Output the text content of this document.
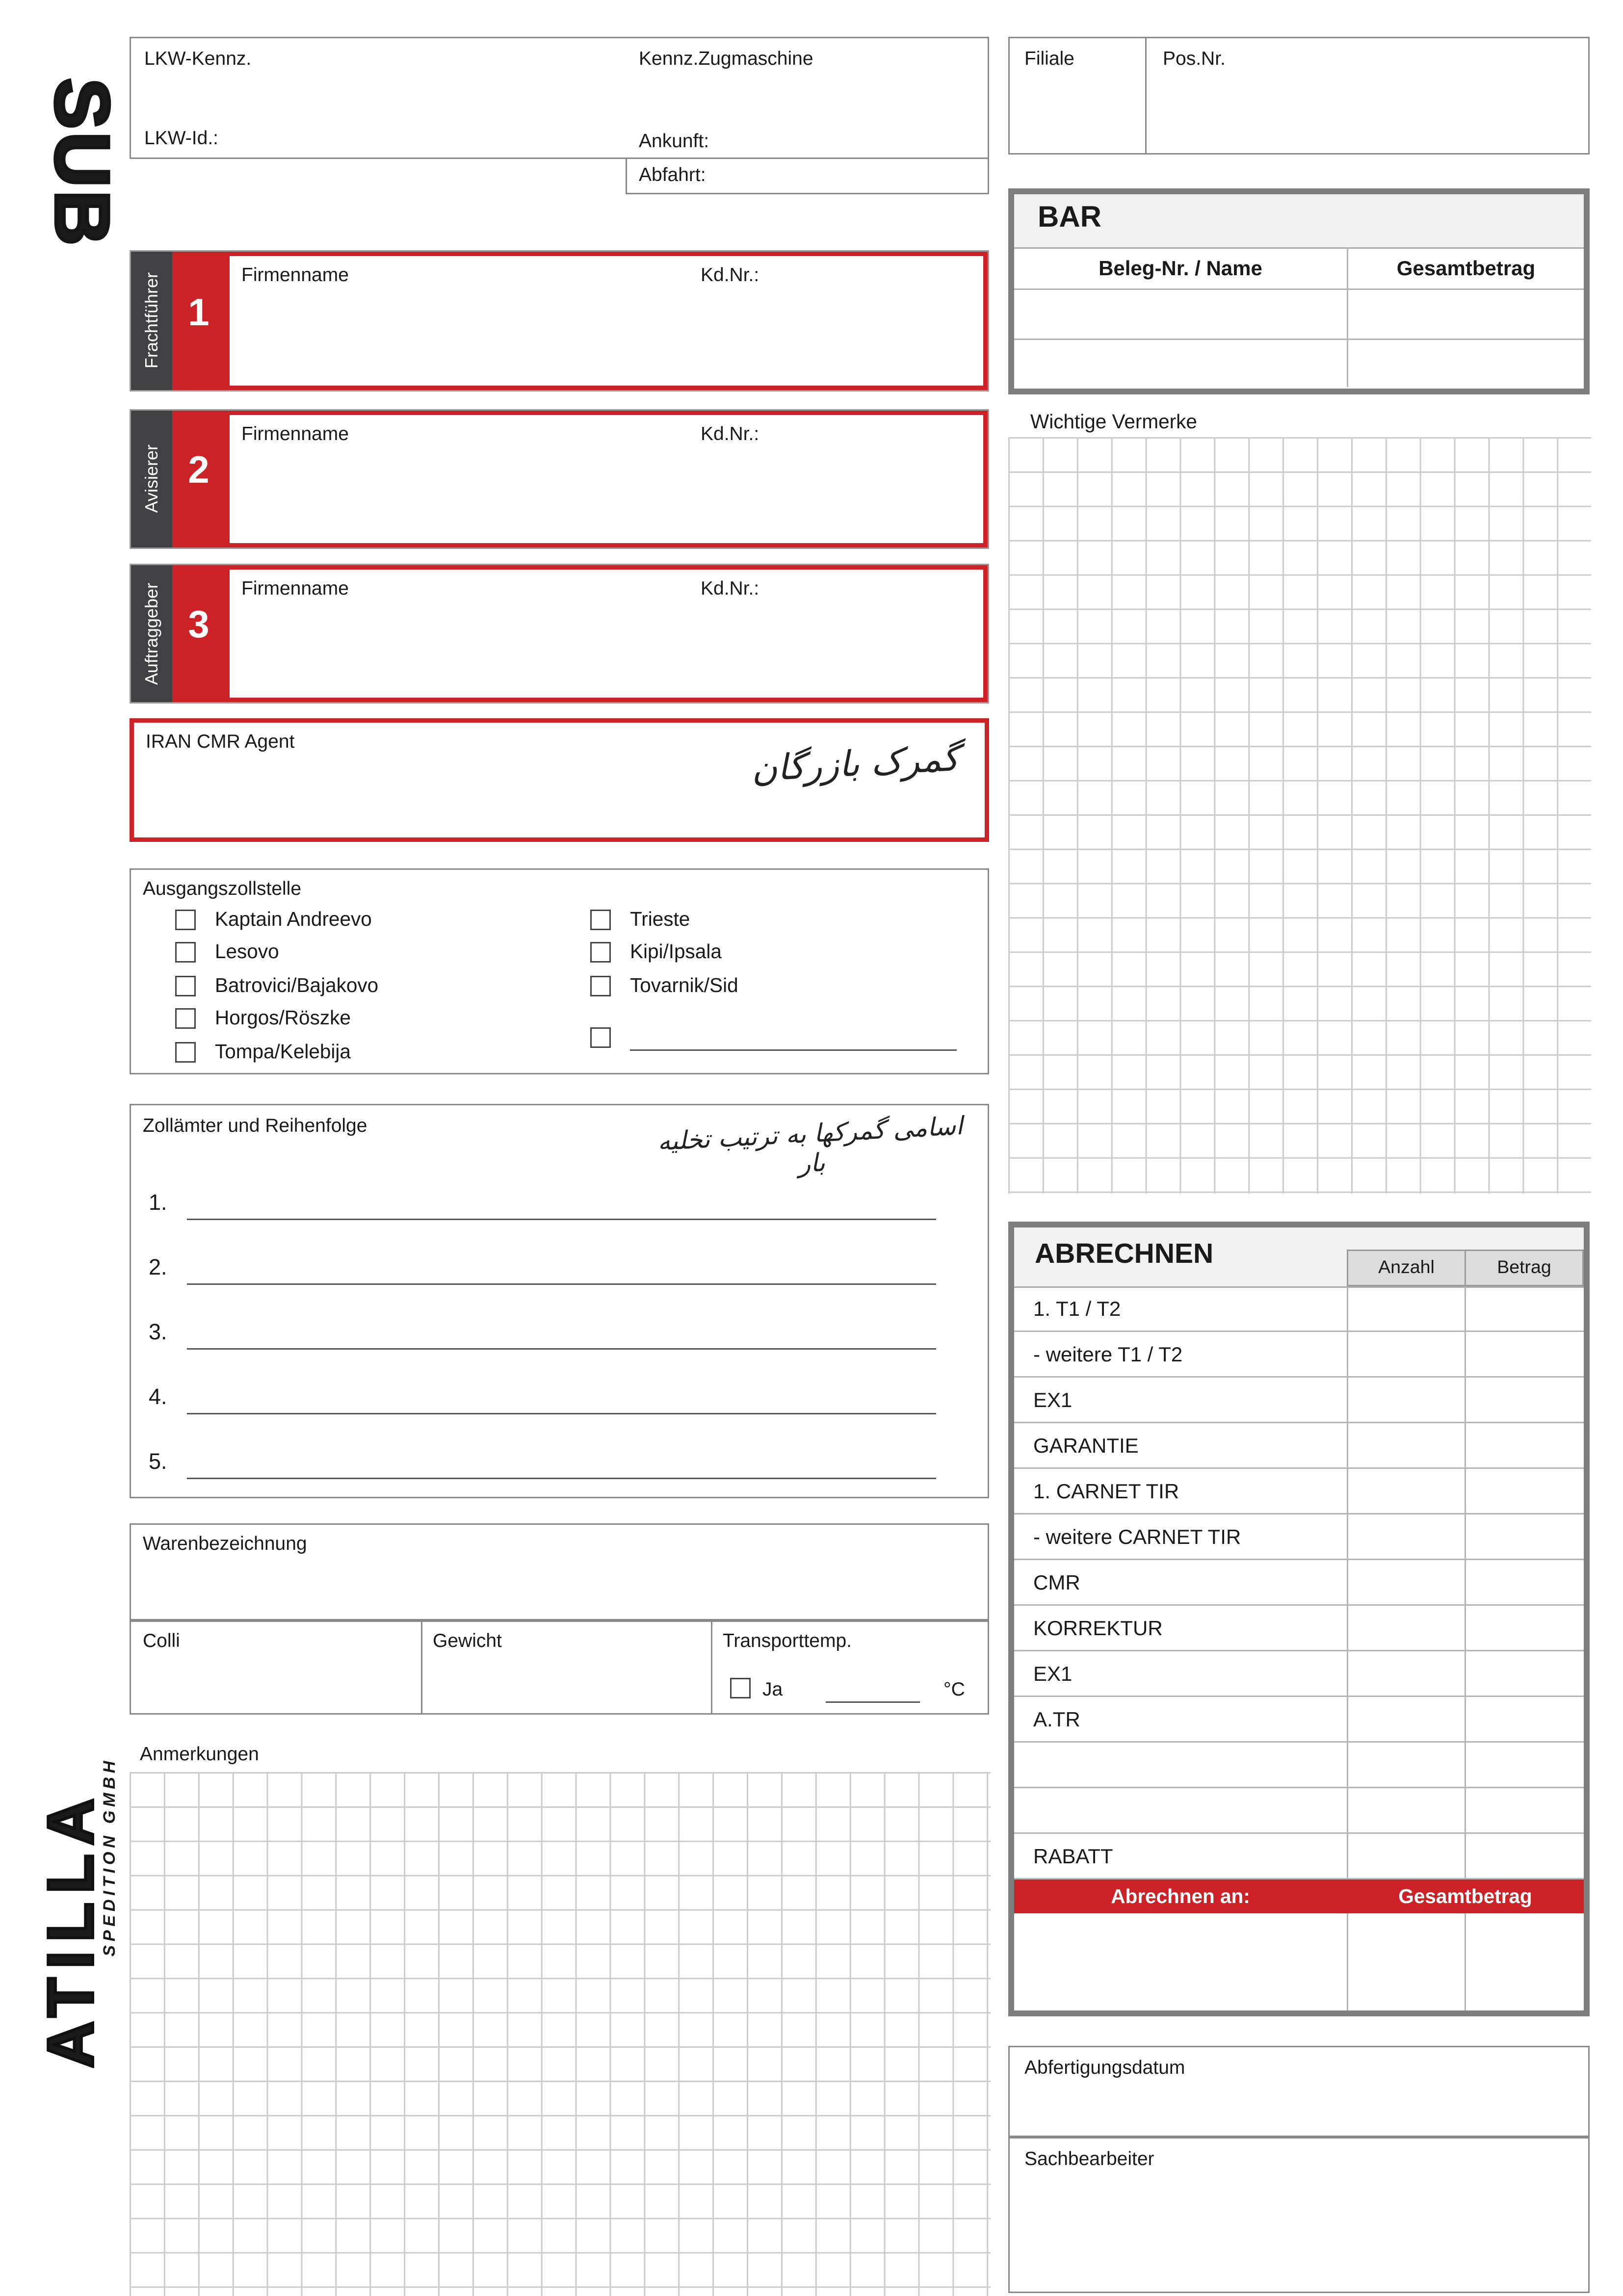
SUB
LKW-Kennz.	Kennz.Zugmaschine
LKW-Id.:	Ankunft:
Abfahrt:
Filiale	Pos.Nr.
BAR
Beleg-Nr. / Name	Gesamtbetrag
Frachtführer 1
Firmenname	Kd.Nr.:
Avisierer 2
Firmenname	Kd.Nr.:
Auftraggeber 3
Firmenname	Kd.Nr.:
IRAN CMR Agent	گمرک بازرگان
Wichtige Vermerke
Ausgangszollstelle
Kaptain Andreevo
Lesovo
Batrovici/Bajakovo
Horgos/Röszke
Tompa/Kelebija
Trieste
Kipi/Ipsala
Tovarnik/Sid
Zollämter und Reihenfolge	اسامی گمرکها به ترتیب تخلیه بار
1.
2.
3.
4.
5.
Warenbezeichnung
Colli	Gewicht	Transporttemp.
Ja	°C
Anmerkungen
ATILLA
SPEDITION GMBH
ABRECHNEN	Anzahl	Betrag
1. T1 / T2
- weitere T1 / T2
EX1
GARANTIE
1. CARNET TIR
- weitere CARNET TIR
CMR
KORREKTUR
EX1
A.TR
RABATT
Abrechnen an:	Gesamtbetrag
Abfertigungsdatum
Sachbearbeiter
